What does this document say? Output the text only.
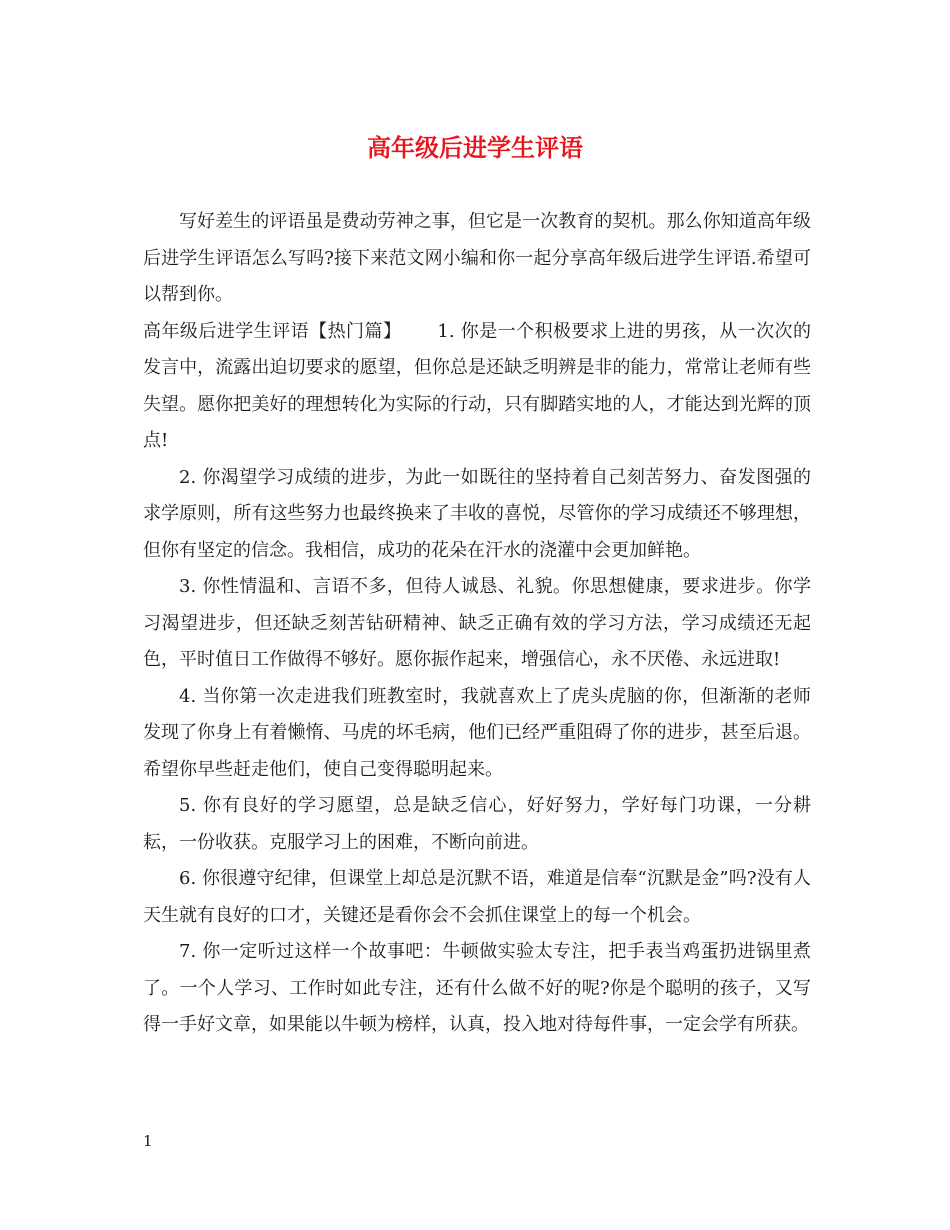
高年级后进学生评语

写好差生的评语虽是费动劳神之事，但它是一次教育的契机。那么你知道高年级后进学生评语怎么写吗?接下来范文网小编和你一起分享高年级后进学生评语.希望可以帮到你。

高年级后进学生评语【热门篇】 1. 你是一个积极要求上进的男孩，从一次次的发言中，流露出迫切要求的愿望，但你总是还缺乏明辨是非的能力，常常让老师有些失望。愿你把美好的理想转化为实际的行动，只有脚踏实地的人，才能达到光辉的顶点!

2. 你渴望学习成绩的进步，为此一如既往的坚持着自己刻苦努力、奋发图强的求学原则，所有这些努力也最终换来了丰收的喜悦，尽管你的学习成绩还不够理想，但你有坚定的信念。我相信，成功的花朵在汗水的浇灌中会更加鲜艳。

3. 你性情温和、言语不多，但待人诚恳、礼貌。你思想健康，要求进步。你学习渴望进步，但还缺乏刻苦钻研精神、缺乏正确有效的学习方法，学习成绩还无起色，平时值日工作做得不够好。愿你振作起来，增强信心，永不厌倦、永远进取!

4. 当你第一次走进我们班教室时，我就喜欢上了虎头虎脑的你，但渐渐的老师发现了你身上有着懒惰、马虎的坏毛病，他们已经严重阻碍了你的进步，甚至后退。希望你早些赶走他们，使自己变得聪明起来。

5. 你有良好的学习愿望，总是缺乏信心，好好努力，学好每门功课，一分耕耘，一份收获。克服学习上的困难，不断向前进。

6. 你很遵守纪律，但课堂上却总是沉默不语，难道是信奉“沉默是金”吗?没有人天生就有良好的口才，关键还是看你会不会抓住课堂上的每一个机会。

7. 你一定听过这样一个故事吧：牛顿做实验太专注，把手表当鸡蛋扔进锅里煮了。一个人学习、工作时如此专注，还有什么做不好的呢?你是个聪明的孩子，又写得一手好文章，如果能以牛顿为榜样，认真，投入地对待每件事，一定会学有所获。

1
